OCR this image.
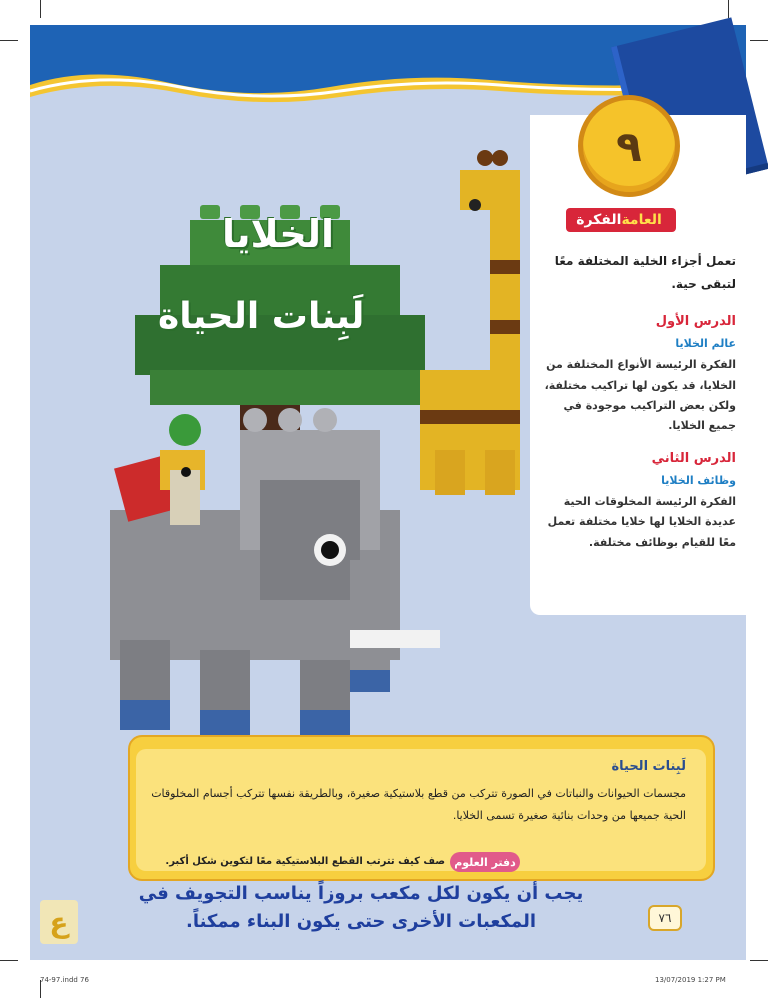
٩
الفكرة العامة
تعمل أجزاء الخلية المختلفة معًا لتبقى حية.
الدرس الأول
عالم الخلايا
الفكرة الرئيسة الأنواع المختلفة من الخلايا، قد يكون لها تراكيب مختلفة، ولكن بعض التراكيب موجودة في جميع الخلايا.
الدرس الثاني
وظائف الخلايا
الفكرة الرئيسة المخلوقات الحية عديدة الخلايا لها خلايا مختلفة تعمل معًا للقيام بوظائف مختلفة.
الخلايا
لَبِنات الحياة
لَبِنات الحياة
مجسمات الحيوانات والنباتات في الصورة تتركب من قطع بلاستيكية صغيرة، وبالطريقة نفسها تتركب أجسام المخلوقات الحية جميعها من وحدات بنائية صغيرة تسمى الخلايا.
دفتر العلوم
صف كيف تترتب القطع البلاستيكية معًا لتكوين شكل أكبر.
يجب أن يكون لكل مكعب بروزاً يناسب التجويف في المكعبات الأخرى حتى يكون البناء ممكناً.	٧٦
ع
74-97.indd 76	13/07/2019 1:27 PM
